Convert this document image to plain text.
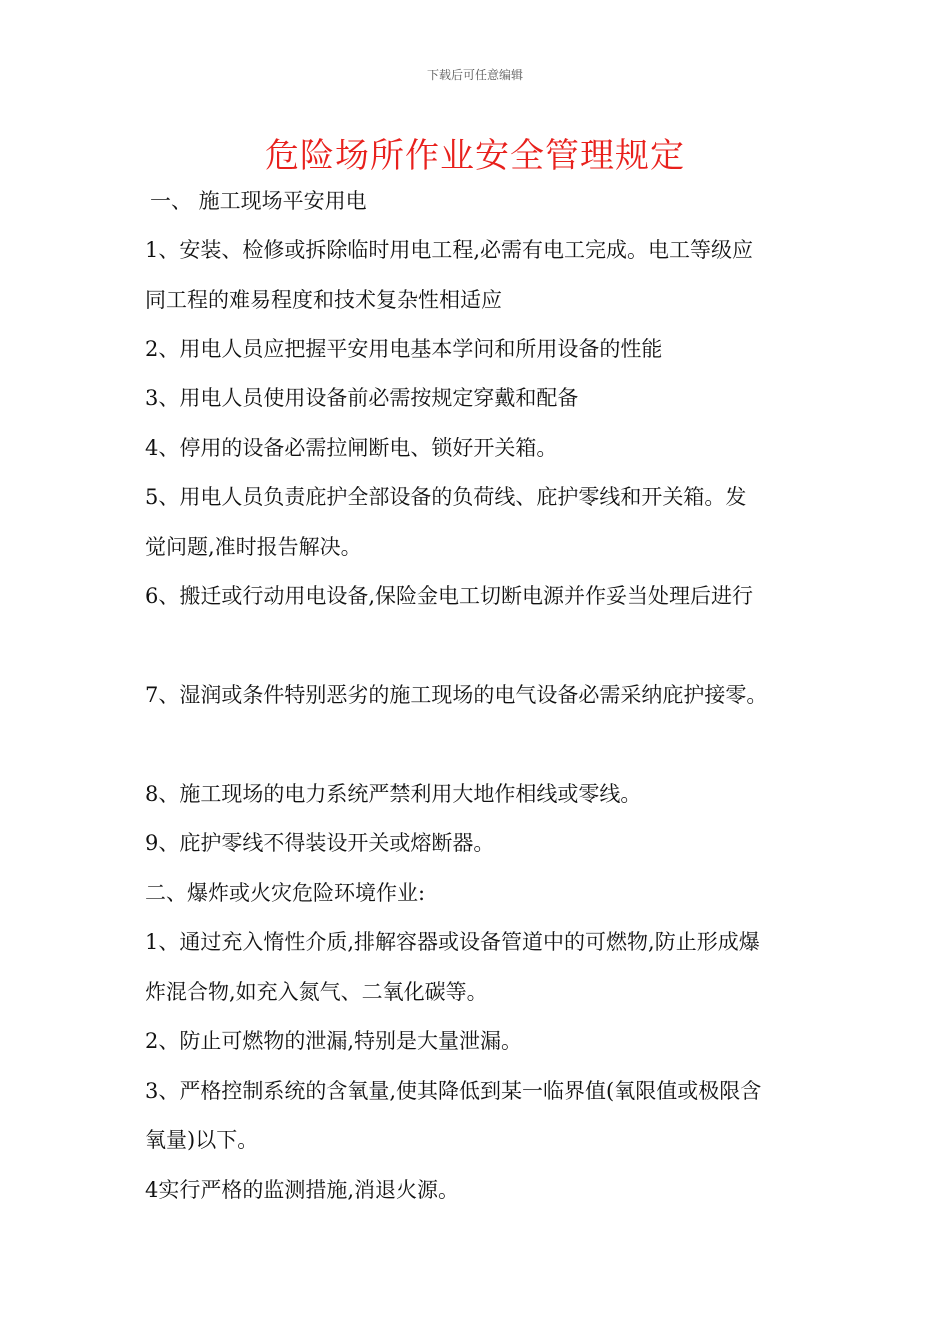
下载后可任意编辑
危险场所作业安全管理规定
一、 施工现场平安用电
1、安装、检修或拆除临时用电工程,必需有电工完成。电工等级应
同工程的难易程度和技术复杂性相适应
2、用电人员应把握平安用电基本学问和所用设备的性能
3、用电人员使用设备前必需按规定穿戴和配备
4、停用的设备必需拉闸断电、锁好开关箱。
5、用电人员负责庇护全部设备的负荷线、庇护零线和开关箱。发
觉问题,准时报告解决。
6、搬迁或行动用电设备,保险金电工切断电源并作妥当处理后进行
7、湿润或条件特别恶劣的施工现场的电气设备必需采纳庇护接零。
8、施工现场的电力系统严禁利用大地作相线或零线。
9、庇护零线不得装设开关或熔断器。
二、爆炸或火灾危险环境作业:
1、通过充入惰性介质,排解容器或设备管道中的可燃物,防止形成爆
炸混合物,如充入氮气、二氧化碳等。
2、防止可燃物的泄漏,特别是大量泄漏。
3、严格控制系统的含氧量,使其降低到某一临界值(氧限值或极限含
氧量)以下。
4实行严格的监测措施,消退火源。
